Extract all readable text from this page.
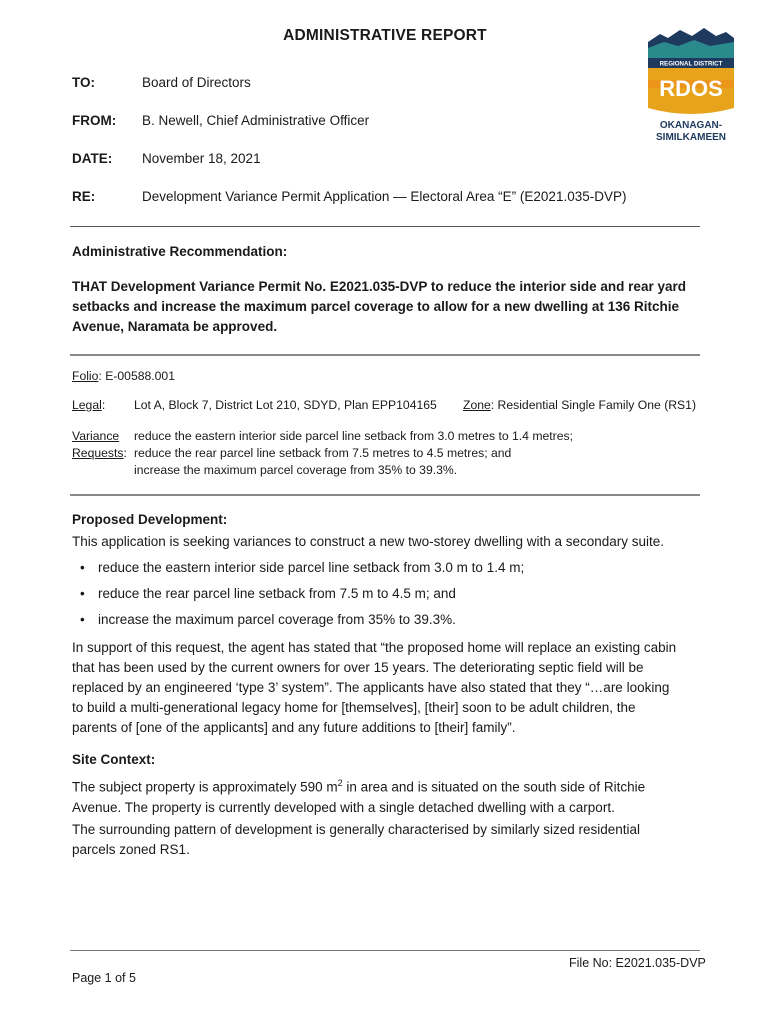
ADMINISTRATIVE REPORT
REGIONAL DISTRICT
RDOS
OKANAGAN-
SIMILKAMEEN
TO:	Board of Directors
FROM:	B. Newell, Chief Administrative Officer
DATE:	November 18, 2021
RE:	Development Variance Permit Application — Electoral Area “E” (E2021.035-DVP)
Administrative Recommendation:
THAT Development Variance Permit No. E2021.035-DVP to reduce the interior side and rear yard
setbacks and increase the maximum parcel coverage to allow for a new dwelling at 136 Ritchie
Avenue, Naramata be approved.
Folio: E-00588.001
Legal: Lot A, Block 7, District Lot 210, SDYD, Plan EPP104165 Zone: Residential Single Family One (RS1)
Variance
Requests:
reduce the eastern interior side parcel line setback from 3.0 metres to 1.4 metres;
reduce the rear parcel line setback from 7.5 metres to 4.5 metres; and
increase the maximum parcel coverage from 35% to 39.3%.
Proposed Development:
This application is seeking variances to construct a new two-storey dwelling with a secondary suite.
• reduce the eastern interior side parcel line setback from 3.0 m to 1.4 m;
• reduce the rear parcel line setback from 7.5 m to 4.5 m; and
• increase the maximum parcel coverage from 35% to 39.3%.
In support of this request, the agent has stated that “the proposed home will replace an existing cabin
that has been used by the current owners for over 15 years. The deteriorating septic field will be
replaced by an engineered ‘type 3’ system”. The applicants have also stated that they “…are looking
to build a multi-generational legacy home for [themselves], [their] soon to be adult children, the
parents of [one of the applicants] and any future additions to [their] family”.
Site Context:
The subject property is approximately 590 $m^2$ in area and is situated on the south side of Ritchie
Avenue. The property is currently developed with a single detached dwelling with a carport.
The surrounding pattern of development is generally characterised by similarly sized residential
parcels zoned RS1.
File No: E2021.035-DVP
Page 1 of 5
